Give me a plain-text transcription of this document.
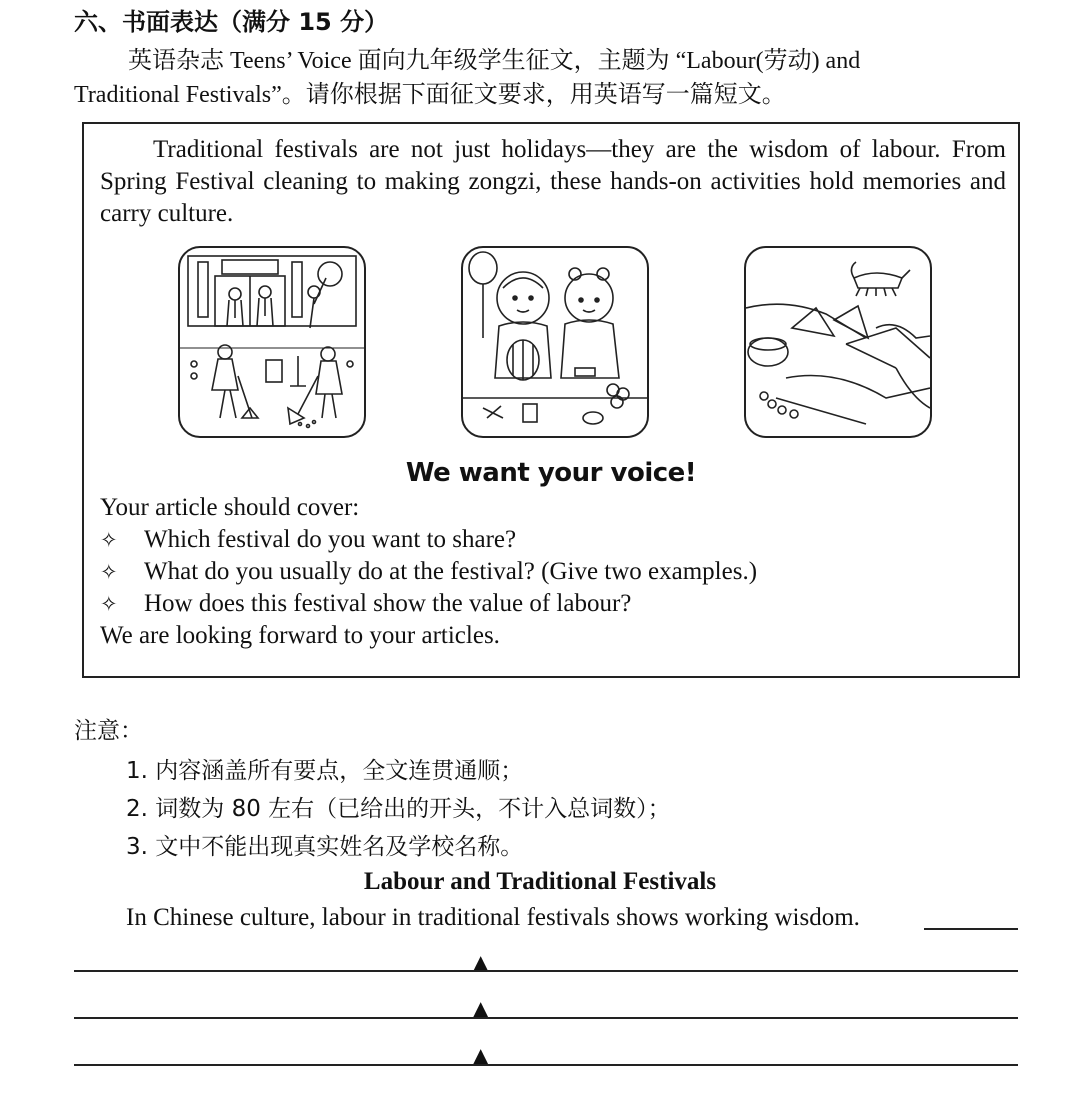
六、书面表达（满分 15 分）
英语杂志 Teens’ Voice 面向九年级学生征文，主题为 “Labour(劳动) and
Traditional Festivals”。请你根据下面征文要求，用英语写一篇短文。
Traditional festivals are not just holidays—they are the wisdom of labour. From Spring Festival cleaning to making zongzi, these hands-on activities hold memories and carry culture.
We want your voice!
Your article should cover:
✧ Which festival do you want to share?
✧ What do you usually do at the festival? (Give two examples.)
✧ How does this festival show the value of labour?
We are looking forward to your articles.
注意：
1. 内容涵盖所有要点，全文连贯通顺；
2. 词数为 80 左右（已给出的开头，不计入总词数）；
3. 文中不能出现真实姓名及学校名称。
Labour and Traditional Festivals
In Chinese culture, labour in traditional festivals shows working wisdom.
▲
▲
▲
